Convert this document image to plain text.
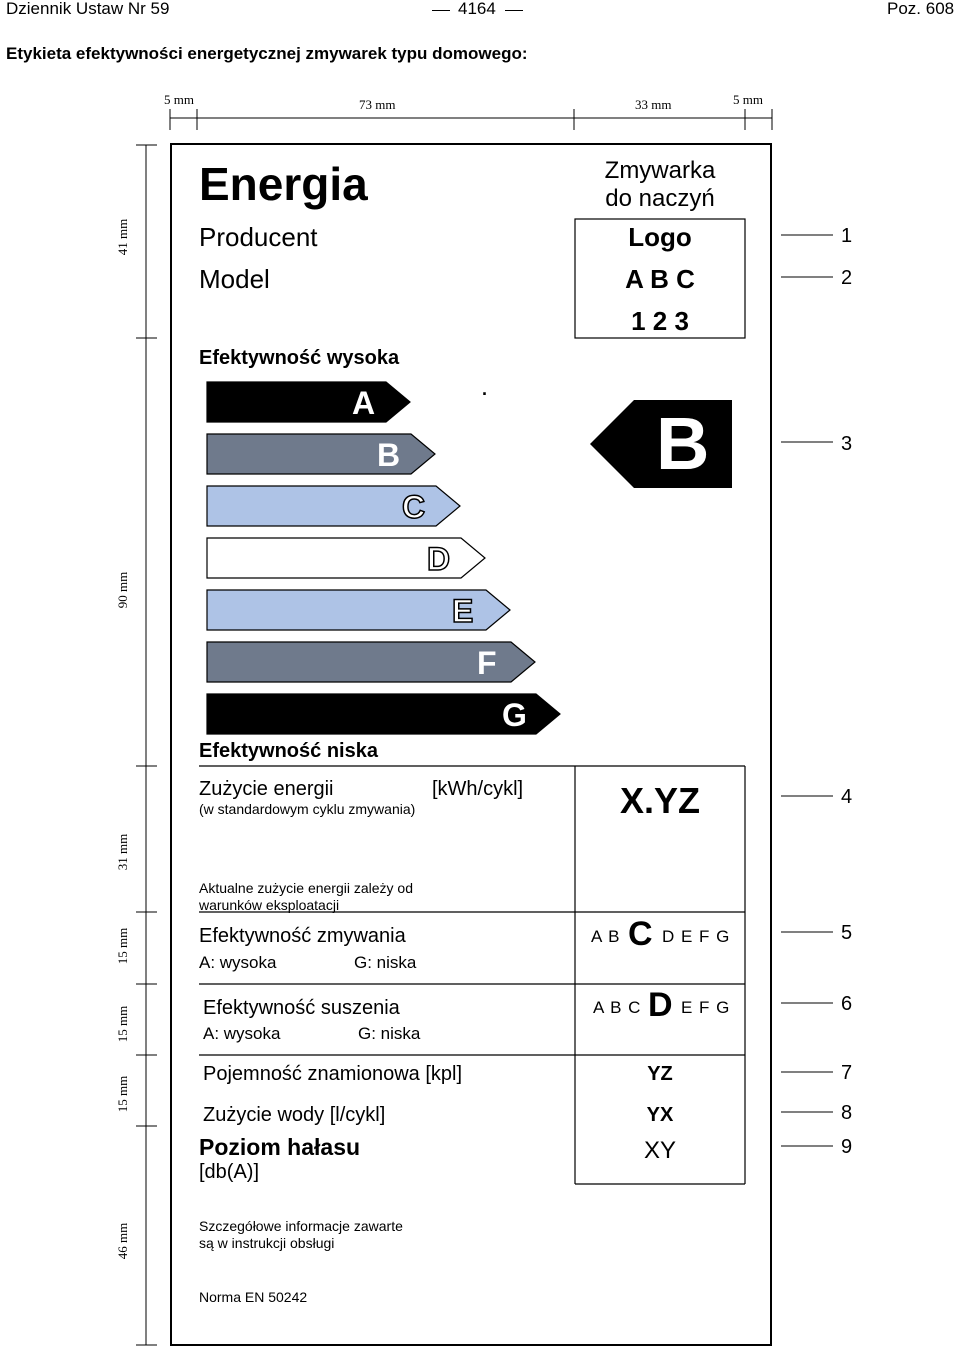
Dziennik Ustaw Nr 59	4164	Poz. 608
Etykieta efektywności energetycznej zmywarek typu domowego:
5 mm	73 mm	33 mm	5 mm
41 mm
90 mm
31 mm
15 mm
15 mm
15 mm
46 mm
Energia	Zmywarka
do naczyń
Producent	Logo
Model	A B C
1 2 3
Efektywność wysoka
A
B
C
D
E
F
G
.
B
Efektywność niska
Zużycie energii	[kWh/cykl]
(w standardowym cyklu zmywania)	X.YZ
Aktualne zużycie energii zależy od
warunków eksploatacji
Efektywność zmywania
A: wysoka	G: niska
A B C D E F G
Efektywność suszenia
A: wysoka	G: niska
A B C D E F G
Pojemność znamionowa [kpl]	YZ
Zużycie wody [l/cykl]	YX
Poziom hałasu
[db(A)]
XY
Szczegółowe informacje zawarte
są w instrukcji obsługi
Norma EN 50242
1
2
3
4
5
6
7
8
9
